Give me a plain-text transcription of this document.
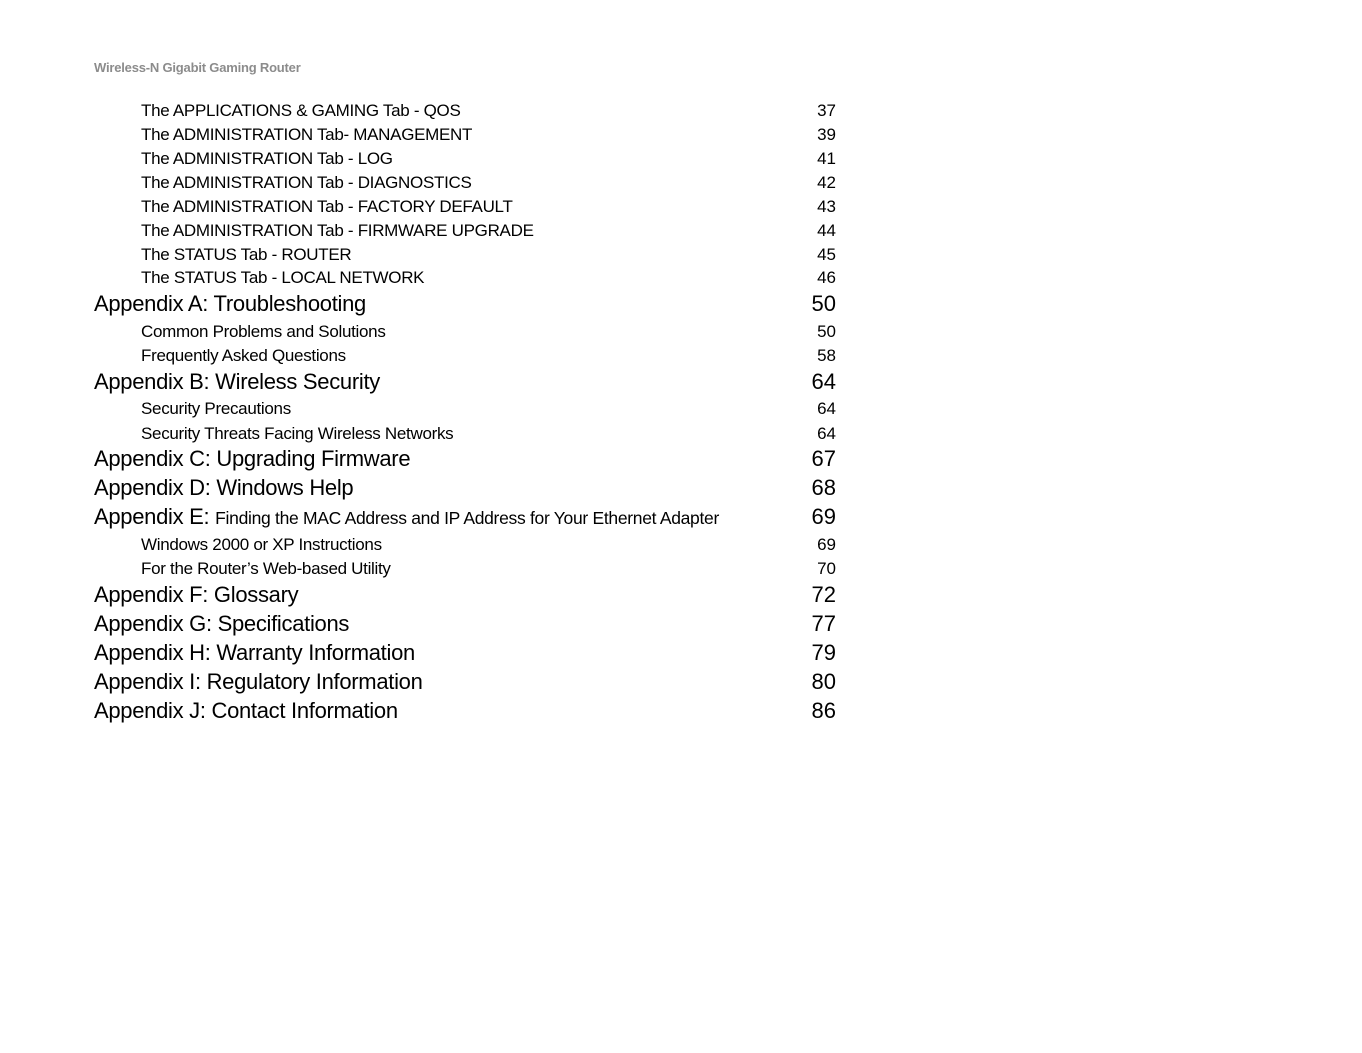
Wireless-N Gigabit Gaming Router
The APPLICATIONS & GAMING Tab - QOS	37
The ADMINISTRATION Tab- MANAGEMENT	39
The ADMINISTRATION Tab - LOG	41
The ADMINISTRATION Tab - DIAGNOSTICS	42
The ADMINISTRATION Tab - FACTORY DEFAULT	43
The ADMINISTRATION Tab - FIRMWARE UPGRADE	44
The STATUS Tab - ROUTER	45
The STATUS Tab - LOCAL NETWORK	46
Appendix A: Troubleshooting	50
Common Problems and Solutions	50
Frequently Asked Questions	58
Appendix B: Wireless Security	64
Security Precautions	64
Security Threats Facing Wireless Networks	64
Appendix C: Upgrading Firmware	67
Appendix D: Windows Help	68
Appendix E: Finding the MAC Address and IP Address for Your Ethernet Adapter	69
Windows 2000 or XP Instructions	69
For the Router’s Web-based Utility	70
Appendix F: Glossary	72
Appendix G: Specifications	77
Appendix H: Warranty Information	79
Appendix I: Regulatory Information	80
Appendix J: Contact Information	86
